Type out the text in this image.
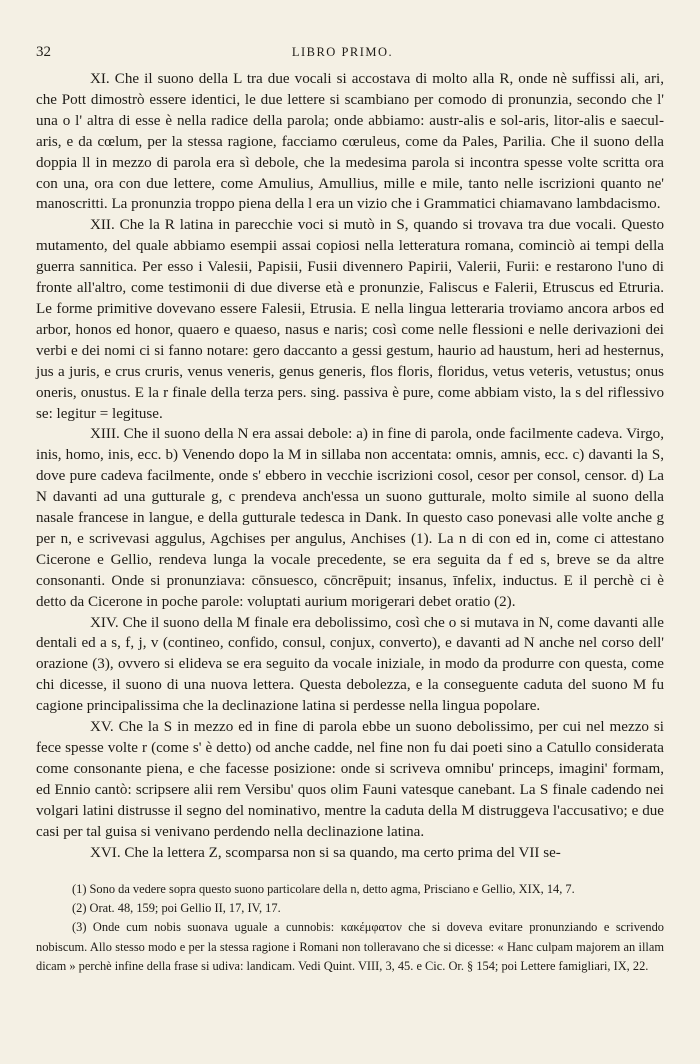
32	LIBRO PRIMO.

XI. Che il suono della L tra due vocali si accostava di molto alla R, onde nè suffissi ali, ari, che Pott dimostrò essere identici, le due lettere si scambiano per comodo di pronunzia, secondo che l' una o l' altra di esse è nella radice della parola; onde abbiamo: austr-alis e sol-aris, litor-alis e saecul-aris, e da cœlum, per la stessa ragione, facciamo cœruleus, come da Pales, Parilia. Che il suono della doppia ll in mezzo di parola era sì debole, che la medesima parola si incontra spesse volte scritta ora con una, ora con due lettere, come Amulius, Amullius, mille e mile, tanto nelle iscrizioni quanto ne' manoscritti. La pronunzia troppo piena della l era un vizio che i Grammatici chiamavano lambdacismo.

XII. Che la R latina in parecchie voci si mutò in S, quando si trovava tra due vocali. Questo mutamento, del quale abbiamo esempii assai copiosi nella letteratura romana, cominciò ai tempi della guerra sannitica. Per esso i Valesii, Papisii, Fusii divennero Papirii, Valerii, Furii: e restarono l'uno di fronte all'altro, come testimonii di due diverse età e pronunzie, Faliscus e Falerii, Etruscus ed Etruria. Le forme primitive dovevano essere Falesii, Etrusia. E nella lingua letteraria troviamo ancora arbos ed arbor, honos ed honor, quaero e quaeso, nasus e naris; così come nelle flessioni e nelle derivazioni dei verbi e dei nomi ci si fanno notare: gero daccanto a gessi gestum, haurio ad haustum, heri ad hesternus, jus a juris, e crus cruris, venus veneris, genus generis, flos floris, floridus, vetus veteris, vetustus; onus oneris, onustus. E la r finale della terza pers. sing. passiva è pure, come abbiam visto, la s del riflessivo se: legitur = legituse.

XIII. Che il suono della N era assai debole: a) in fine di parola, onde facilmente cadeva. Virgo, inis, homo, inis, ecc. b) Venendo dopo la M in sillaba non accentata: omnis, amnis, ecc. c) davanti la S, dove pure cadeva facilmente, onde s' ebbero in vecchie iscrizioni cosol, cesor per consol, censor. d) La N davanti ad una gutturale g, c prendeva anch'essa un suono gutturale, molto simile al suono della nasale francese in langue, e della gutturale tedesca in Dank. In questo caso ponevasi alle volte anche g per n, e scrivevasi aggulus, Agchises per angulus, Anchises (1). La n di con ed in, come ci attestano Cicerone e Gellio, rendeva lunga la vocale precedente, se era seguita da f ed s, breve se da altre consonanti. Onde si pronunziava: cōnsuesco, cōncrēpuit; insanus, īnfelix, inductus. E il perchè ci è detto da Cicerone in poche parole: voluptati aurium morigerari debet oratio (2).

XIV. Che il suono della M finale era debolissimo, così che o si mutava in N, come davanti alle dentali ed a s, f, j, v (contineo, confido, consul, conjux, converto), e davanti ad N anche nel corso dell' orazione (3), ovvero si elideva se era seguito da vocale iniziale, in modo da produrre con questa, come chi dicesse, il suono di una nuova lettera. Questa debolezza, e la conseguente caduta del suono M fu cagione principalissima che la declinazione latina si perdesse nella lingua popolare.

XV. Che la S in mezzo ed in fine di parola ebbe un suono debolissimo, per cui nel mezzo si fece spesse volte r (come s' è detto) od anche cadde, nel fine non fu dai poeti sino a Catullo considerata come consonante piena, e che facesse posizione: onde si scriveva omnibu' princeps, imagini' formam, ed Ennio cantò: scripsere alii rem Versibu' quos olim Fauni vatesque canebant. La S finale cadendo nei volgari latini distrusse il segno del nominativo, mentre la caduta della M distruggeva l'accusativo; e due casi per tal guisa si venivano perdendo nella declinazione latina.

XVI. Che la lettera Z, scomparsa non si sa quando, ma certo prima del VII se-

(1) Sono da vedere sopra questo suono particolare della n, detto agma, Prisciano e Gellio, XIX, 14, 7.

(2) Orat. 48, 159; poi Gellio II, 17, IV, 17.

(3) Onde cum nobis suonava uguale a cunnobis: κακέμφατον che si doveva evitare pronunziando e scrivendo nobiscum. Allo stesso modo e per la stessa ragione i Romani non tolleravano che si dicesse: « Hanc culpam majorem an illam dicam » perchè infine della frase si udiva: landicam. Vedi Quint. VIII, 3, 45. e Cic. Or. § 154; poi Lettere famigliari, IX, 22.
